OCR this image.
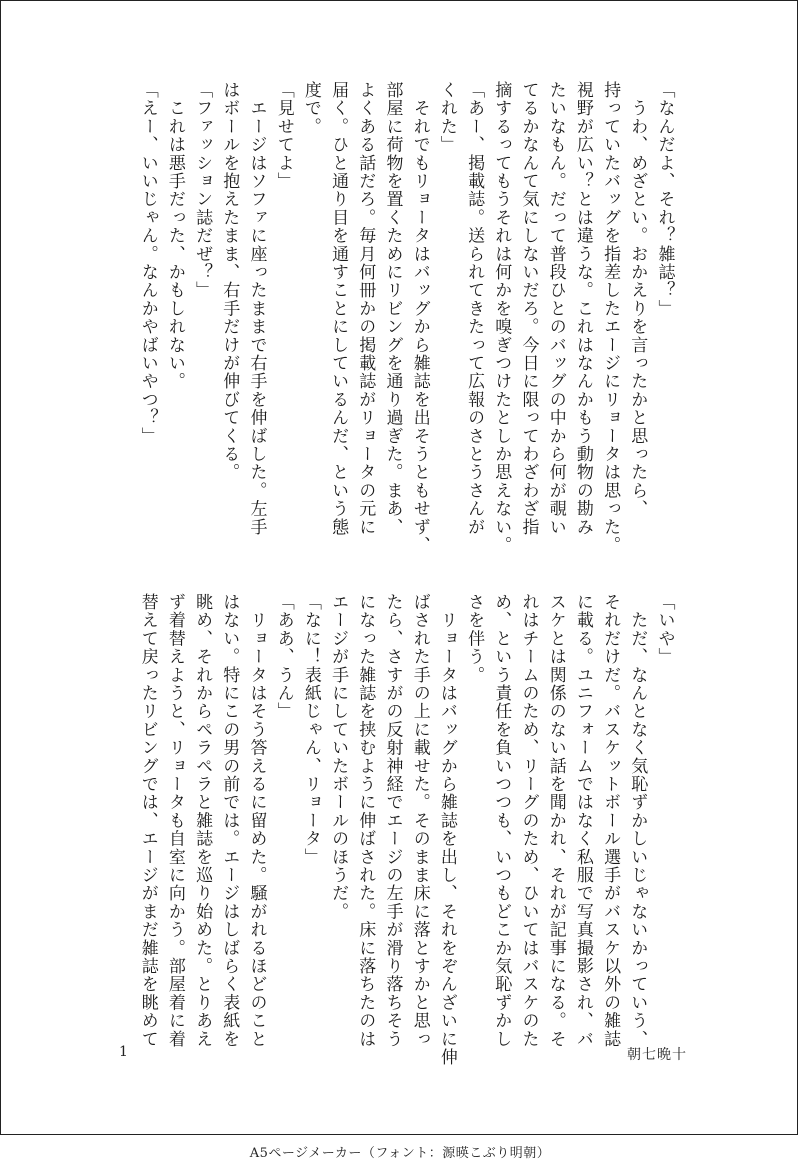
「なんだよ、それ？雑誌？」
　うわ、めざとい。おかえりを言ったかと思ったら、
持っていたバッグを指差したエージにリョータは思った。
視野が広い？とは違うな。これはなんかもう動物の勘み
たいなもん。だって普段ひとのバッグの中から何が覗い
てるかなんて気にしないだろ。今日に限ってわざわざ指
摘するってもうそれは何かを嗅ぎつけたとしか思えない。
「あー、掲載誌。送られてきたって広報のさとうさんが
くれた」
　それでもリョータはバッグから雑誌を出そうともせず、
部屋に荷物を置くためにリビングを通り過ぎた。まあ、
よくある話だろ。毎月何冊かの掲載誌がリョータの元に
届く。ひと通り目を通すことにしているんだ、という態
度で。
「見せてよ」
　エージはソファに座ったままで右手を伸ばした。左手
はボールを抱えたまま、右手だけが伸びてくる。
「ファッション誌だぜ？」
　これは悪手だった、かもしれない。
「えー、いいじゃん。なんかやばいやつ？」
「いや」
　ただ、なんとなく気恥ずかしいじゃないかっていう、
それだけだ。バスケットボール選手がバスケ以外の雑誌
に載る。ユニフォームではなく私服で写真撮影され、バ
スケとは関係のない話を聞かれ、それが記事になる。そ
れはチームのため、リーグのため、ひいてはバスケのた
め、という責任を負いつつも、いつもどこか気恥ずかし
さを伴う。
　リョータはバッグから雑誌を出し、それをぞんざいに伸
ばされた手の上に載せた。そのまま床に落とすかと思っ
たら、さすがの反射神経でエージの左手が滑り落ちそう
になった雑誌を挟むように伸ばされた。床に落ちたのは
エージが手にしていたボールのほうだ。
「なに！表紙じゃん、リョータ」
「ああ、うん」
　リョータはそう答えるに留めた。騒がれるほどのこと
はない。特にこの男の前では。エージはしばらく表紙を
眺め、それからペラペラと雑誌を巡り始めた。とりあえ
ず着替えようと、リョータも自室に向かう。部屋着に着
替えて戻ったリビングでは、エージがまだ雑誌を眺めて
1	朝七晩十
A5ページメーカー（フォント：源暎こぶり明朝）
